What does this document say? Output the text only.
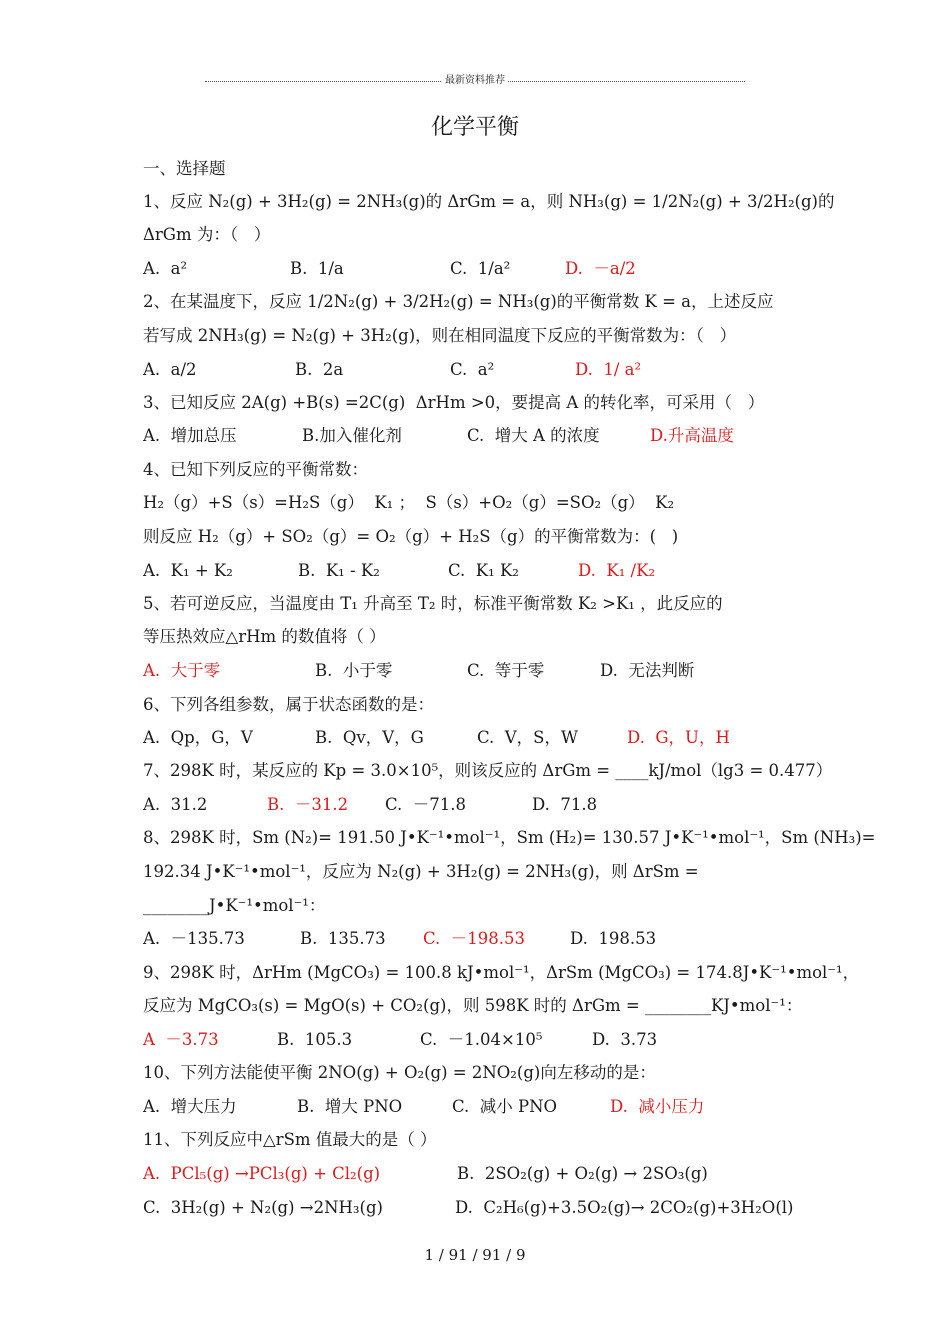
最新资料推荐
化学平衡
一、选择题
1、反应 N₂(g) + 3H₂(g) = 2NH₃(g)的 ΔrGm = a，则 NH₃(g) = 1/2N₂(g) + 3/2H₂(g)的
ΔrGm 为：（   ）
A.  a²	B.  1/a	C.  1/a²	D.  －a/2
2、在某温度下，反应 1/2N₂(g) + 3/2H₂(g) = NH₃(g)的平衡常数 K = a，上述反应
若写成 2NH₃(g) = N₂(g) + 3H₂(g)，则在相同温度下反应的平衡常数为：（   ）
A.  a/2	B.  2a	C.  a²	D.  1/ a²
3、已知反应 2A(g) +B(s) =2C(g)  ΔrHm >0，要提高 A 的转化率，可采用（   ）
A.  增加总压	B.加入催化剂	C.  增大 A 的浓度	D.升高温度
4、已知下列反应的平衡常数：
H₂（g）+S（s）=H₂S（g）  K₁ ；  S（s）+O₂（g）=SO₂（g）  K₂
则反应 H₂（g）+ SO₂（g）= O₂（g）+ H₂S（g）的平衡常数为：(   )
A.  K₁ + K₂	B.  K₁ - K₂	C.  K₁ K₂	D.  K₁ /K₂
5、若可逆反应，当温度由 T₁ 升高至 T₂ 时，标准平衡常数 K₂ >K₁ ，此反应的
等压热效应△rHm 的数值将（ ）
A.  大于零	B.  小于零	C.  等于零	D.  无法判断
6、下列各组参数，属于状态函数的是：
A.  Qp，G，V	B.  Qv，V，G	C.  V，S，W	D.  G，U，H
7、298K 时，某反应的 Kp = 3.0×10⁵，则该反应的 ΔrGm = ____kJ/mol（lg3 = 0.477）
A.  31.2	B.  －31.2 C.  －71.8	D.  71.8
8、298K 时，Sm (N₂)= 191.50 J•K⁻¹•mol⁻¹，Sm (H₂)= 130.57 J•K⁻¹•mol⁻¹，Sm (NH₃)=
192.34 J•K⁻¹•mol⁻¹，反应为 N₂(g) + 3H₂(g) = 2NH₃(g)，则 ΔrSm =
________J•K⁻¹•mol⁻¹：
A.  －135.73	B.  135.73 C.  －198.53	D.  198.53
9、298K 时，ΔrHm (MgCO₃) = 100.8 kJ•mol⁻¹，ΔrSm (MgCO₃) = 174.8J•K⁻¹•mol⁻¹，
反应为 MgCO₃(s) = MgO(s) + CO₂(g)，则 598K 时的 ΔrGm = ________KJ•mol⁻¹：
A  －3.73	B.  105.3	C.  －1.04×10⁵	D.  3.73
10、下列方法能使平衡 2NO(g) + O₂(g) = 2NO₂(g)向左移动的是：
A.  增大压力	B.  增大 PNO	C.  减小 PNO	D.  减小压力
11、下列反应中△rSm 值最大的是（ ）
A.  PCl₅(g) →PCl₃(g) + Cl₂(g)	B.  2SO₂(g) + O₂(g) → 2SO₃(g)
C.  3H₂(g) + N₂(g) →2NH₃(g)	D.  C₂H₆(g)+3.5O₂(g)→ 2CO₂(g)+3H₂O(l)
1 / 91 / 91 / 9
